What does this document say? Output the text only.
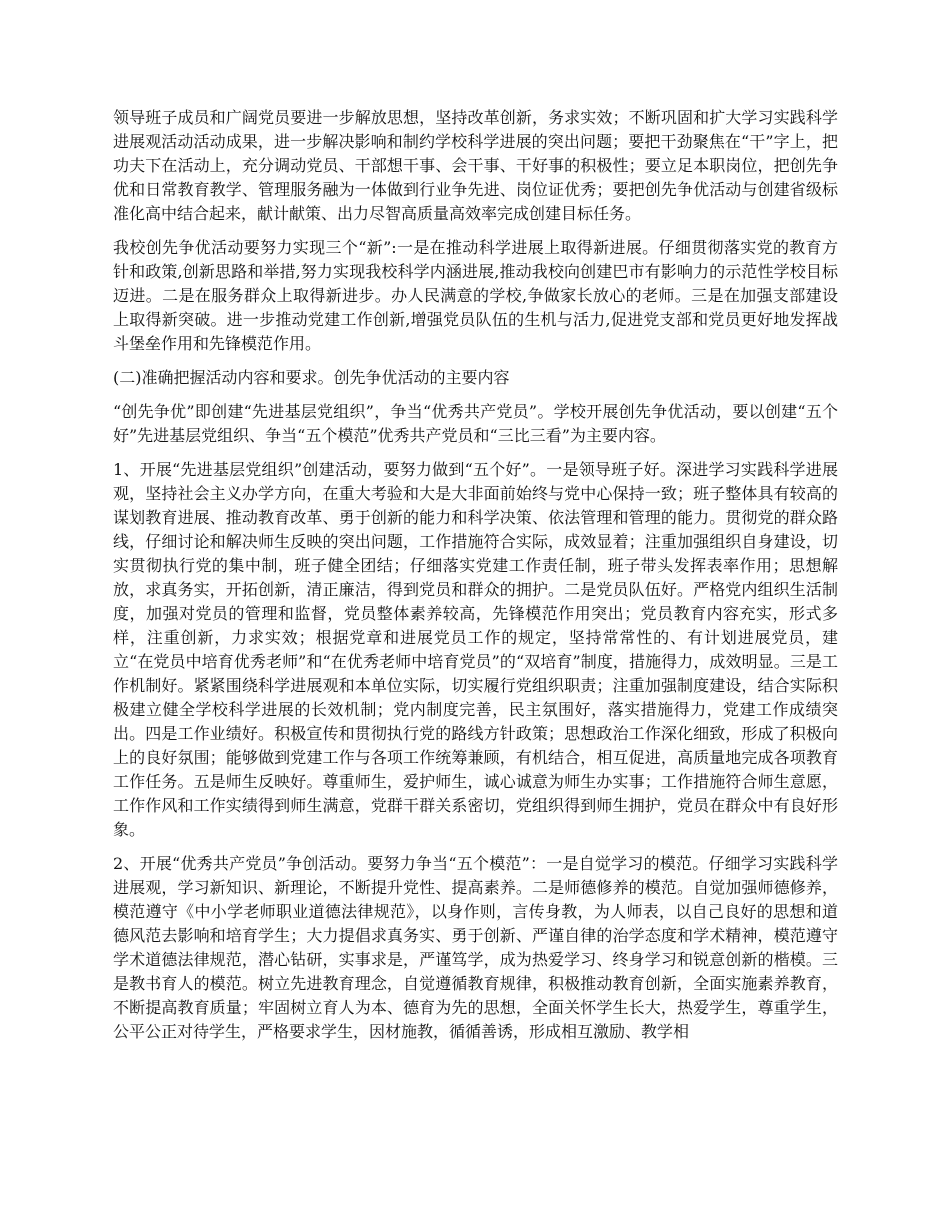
领导班子成员和广阔党员要进一步解放思想，坚持改革创新，务求实效；不断巩固和扩大学习实践科学进展观活动活动成果，进一步解决影响和制约学校科学进展的突出问题；要把干劲聚焦在“干”字上，把功夫下在活动上，充分调动党员、干部想干事、会干事、干好事的积极性；要立足本职岗位，把创先争优和日常教育教学、管理服务融为一体做到行业争先进、岗位证优秀；要把创先争优活动与创建省级标准化高中结合起来，献计献策、出力尽智高质量高效率完成创建目标任务。

我校创先争优活动要努力实现三个“新”:一是在推动科学进展上取得新进展。仔细贯彻落实党的教育方针和政策,创新思路和举措,努力实现我校科学内涵进展,推动我校向创建巴市有影响力的示范性学校目标迈进。二是在服务群众上取得新进步。办人民满意的学校,争做家长放心的老师。三是在加强支部建设上取得新突破。进一步推动党建工作创新,增强党员队伍的生机与活力,促进党支部和党员更好地发挥战斗堡垒作用和先锋模范作用。

(二)准确把握活动内容和要求。创先争优活动的主要内容

“创先争优”即创建“先进基层党组织”，争当“优秀共产党员”。学校开展创先争优活动，要以创建“五个好”先进基层党组织、争当“五个模范”优秀共产党员和“三比三看”为主要内容。

1、开展“先进基层党组织”创建活动，要努力做到“五个好”。一是领导班子好。深进学习实践科学进展观，坚持社会主义办学方向，在重大考验和大是大非面前始终与党中心保持一致；班子整体具有较高的谋划教育进展、推动教育改革、勇于创新的能力和科学决策、依法管理和管理的能力。贯彻党的群众路线，仔细讨论和解决师生反映的突出问题，工作措施符合实际，成效显着；注重加强组织自身建设，切实贯彻执行党的集中制，班子健全团结；仔细落实党建工作责任制，班子带头发挥表率作用；思想解放，求真务实，开拓创新，清正廉洁，得到党员和群众的拥护。二是党员队伍好。严格党内组织生活制度，加强对党员的管理和监督，党员整体素养较高，先锋模范作用突出；党员教育内容充实，形式多样，注重创新，力求实效；根据党章和进展党员工作的规定，坚持常常性的、有计划进展党员，建立“在党员中培育优秀老师”和“在优秀老师中培育党员”的“双培育”制度，措施得力，成效明显。三是工作机制好。紧紧围绕科学进展观和本单位实际，切实履行党组织职责；注重加强制度建设，结合实际积极建立健全学校科学进展的长效机制；党内制度完善，民主氛围好，落实措施得力，党建工作成绩突出。四是工作业绩好。积极宣传和贯彻执行党的路线方针政策；思想政治工作深化细致，形成了积极向上的良好氛围；能够做到党建工作与各项工作统筹兼顾，有机结合，相互促进，高质量地完成各项教育工作任务。五是师生反映好。尊重师生，爱护师生，诚心诚意为师生办实事；工作措施符合师生意愿，工作作风和工作实绩得到师生满意，党群干群关系密切，党组织得到师生拥护，党员在群众中有良好形象。

2、开展“优秀共产党员”争创活动。要努力争当“五个模范”：一是自觉学习的模范。仔细学习实践科学进展观，学习新知识、新理论，不断提升党性、提高素养。二是师德修养的模范。自觉加强师德修养，模范遵守《中小学老师职业道德法律规范》，以身作则，言传身教，为人师表，以自己良好的思想和道德风范去影响和培育学生；大力提倡求真务实、勇于创新、严谨自律的治学态度和学术精神，模范遵守学术道德法律规范，潜心钻研，实事求是，严谨笃学，成为热爱学习、终身学习和锐意创新的楷模。三是教书育人的模范。树立先进教育理念，自觉遵循教育规律，积极推动教育创新，全面实施素养教育，不断提高教育质量；牢固树立育人为本、德育为先的思想，全面关怀学生长大，热爱学生，尊重学生，公平公正对待学生，严格要求学生，因材施教，循循善诱，形成相互激励、教学相
